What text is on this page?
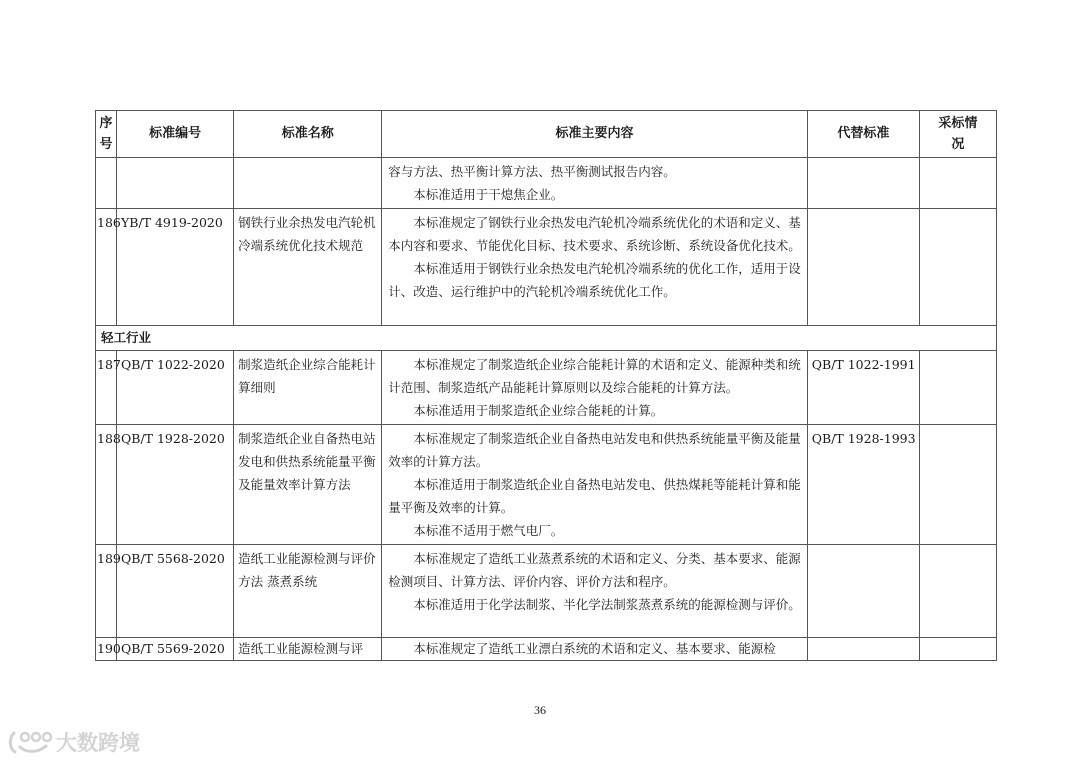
序号	标准编号	标准名称	标准主要内容	代替标准	采标情况

			容与方法、热平衡计算方法、热平衡测试报告内容。
本标准适用于干熄焦企业。		

186	YB/T 4919-2020	钢铁行业余热发电汽轮机冷端系统优化技术规范	本标准规定了钢铁行业余热发电汽轮机冷端系统优化的术语和定义、基本内容和要求、节能优化目标、技术要求、系统诊断、系统设备优化技术。
本标准适用于钢铁行业余热发电汽轮机冷端系统的优化工作，适用于设计、改造、运行维护中的汽轮机冷端系统优化工作。		

轻工行业					

187	QB/T 1022-2020	制浆造纸企业综合能耗计算细则	本标准规定了制浆造纸企业综合能耗计算的术语和定义、能源种类和统计范围、制浆造纸产品能耗计算原则以及综合能耗的计算方法。
本标准适用于制浆造纸企业综合能耗的计算。	QB/T 1022-1991	

188	QB/T 1928-2020	制浆造纸企业自备热电站发电和供热系统能量平衡及能量效率计算方法	本标准规定了制浆造纸企业自备热电站发电和供热系统能量平衡及能量效率的计算方法。
本标准适用于制浆造纸企业自备热电站发电、供热煤耗等能耗计算和能量平衡及效率的计算。
本标准不适用于燃气电厂。	QB/T 1928-1993	

189	QB/T 5568-2020	造纸工业能源检测与评价方法 蒸煮系统	本标准规定了造纸工业蒸煮系统的术语和定义、分类、基本要求、能源检测项目、计算方法、评价内容、评价方法和程序。
本标准适用于化学法制浆、半化学法制浆蒸煮系统的能源检测与评价。		

190	QB/T 5569-2020	造纸工业能源检测与评	本标准规定了造纸工业漂白系统的术语和定义、基本要求、能源检		

36
大数跨境
